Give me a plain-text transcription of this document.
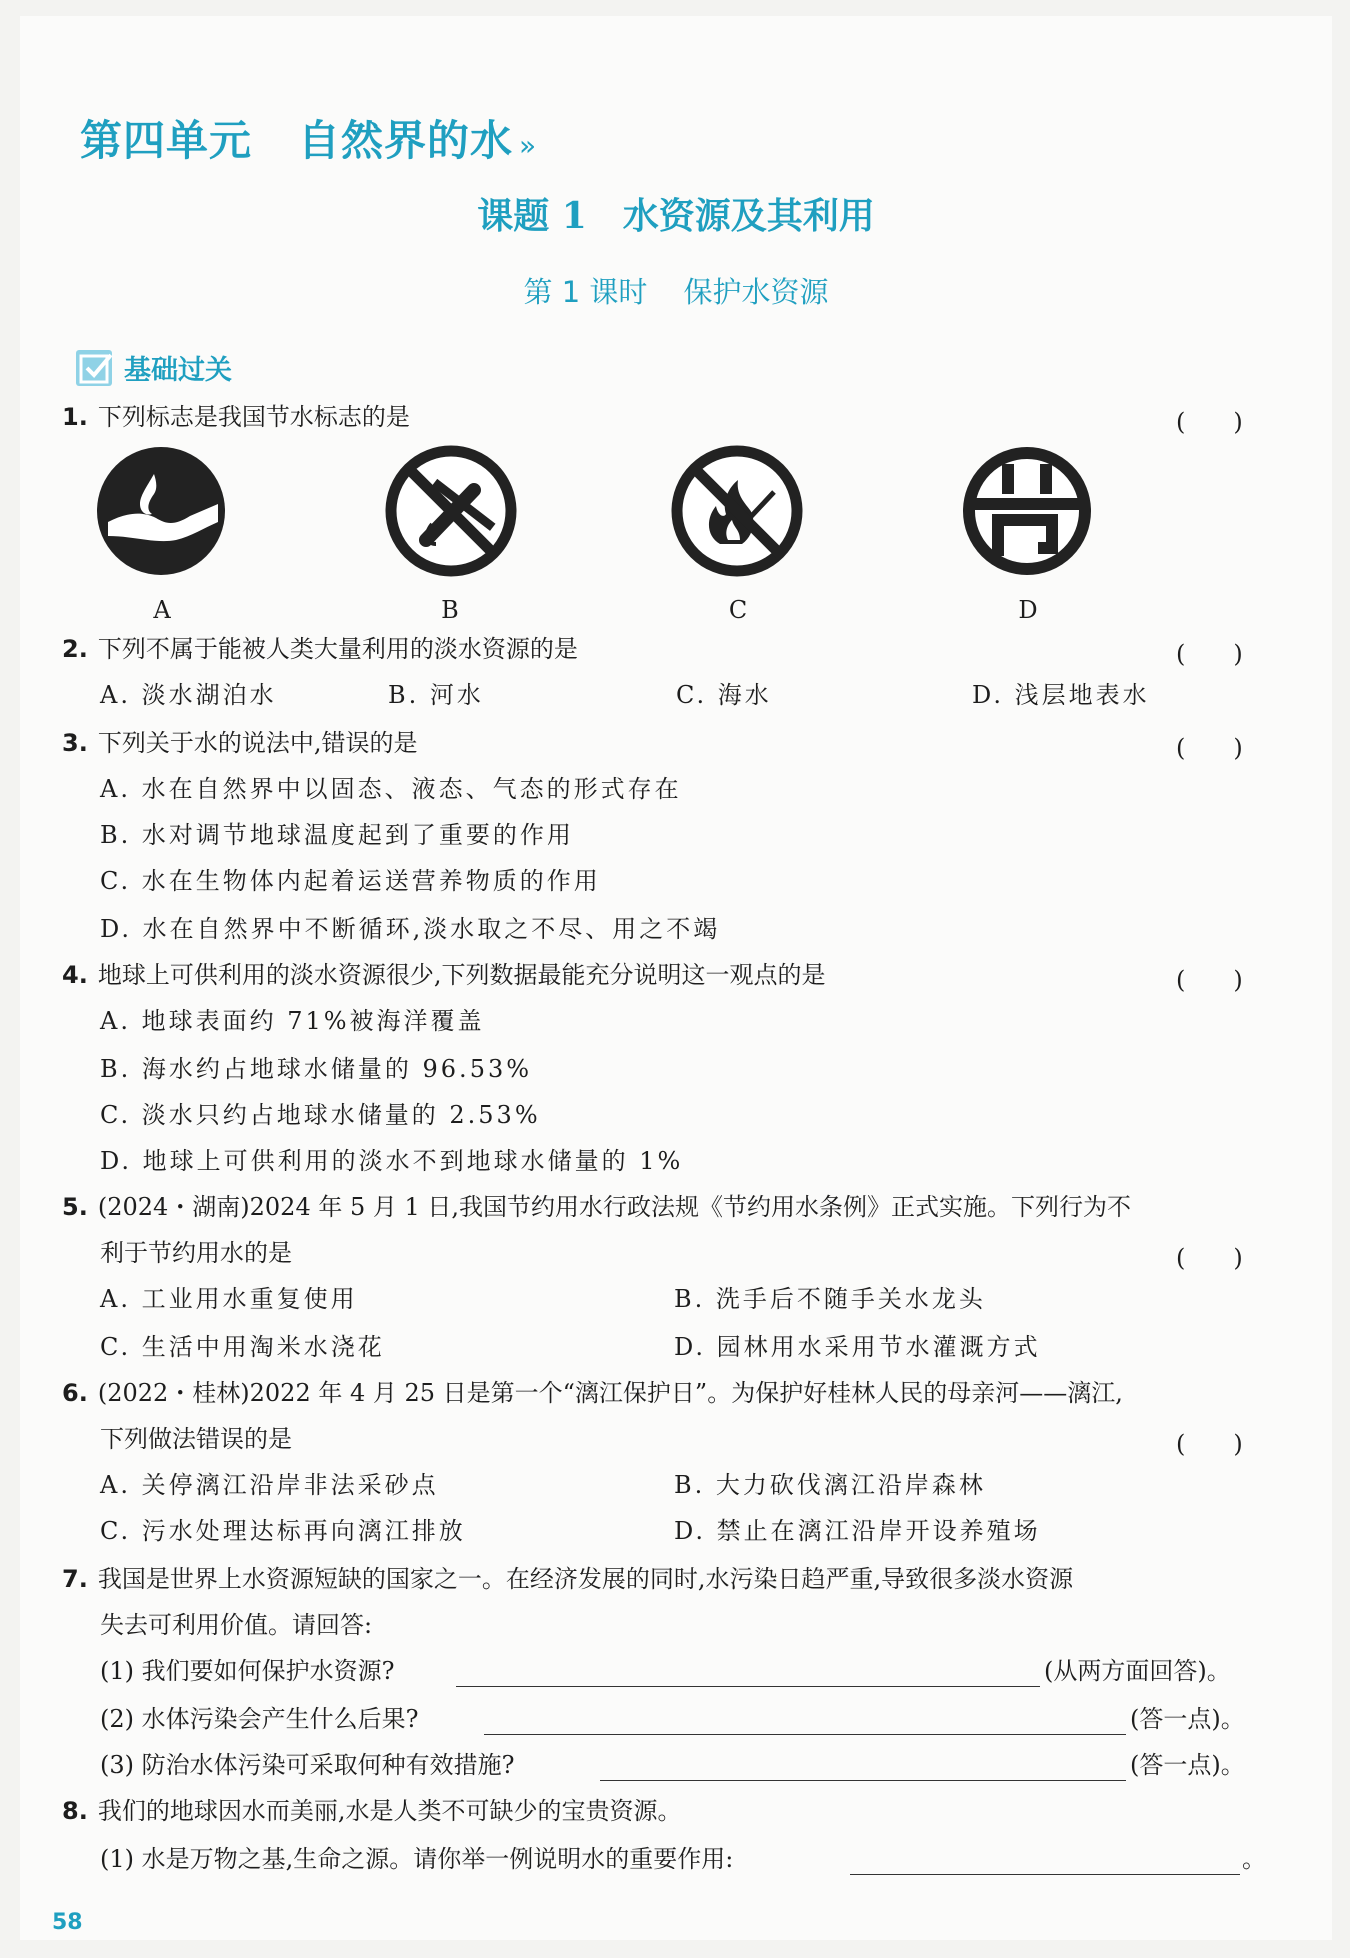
第四单元 自然界的水 »
课题 1 水资源及其利用
第 1 课时 保护水资源
基础过关
1. 下列标志是我国节水标志的是	(　　)
A	B	C	D
2. 下列不属于能被人类大量利用的淡水资源的是	(　　)
A. 淡水湖泊水	B. 河水	C. 海水	D. 浅层地表水
3. 下列关于水的说法中,错误的是	(　　)
A. 水在自然界中以固态、液态、气态的形式存在
B. 水对调节地球温度起到了重要的作用
C. 水在生物体内起着运送营养物质的作用
D. 水在自然界中不断循环,淡水取之不尽、用之不竭
4. 地球上可供利用的淡水资源很少,下列数据最能充分说明这一观点的是	(　　)
A. 地球表面约 71%被海洋覆盖
B. 海水约占地球水储量的 96.53%
C. 淡水只约占地球水储量的 2.53%
D. 地球上可供利用的淡水不到地球水储量的 1%
5. (2024・湖南)2024 年 5 月 1 日,我国节约用水行政法规《节约用水条例》正式实施。下列行为不
利于节约用水的是	(　　)
A. 工业用水重复使用	B. 洗手后不随手关水龙头
C. 生活中用淘米水浇花	D. 园林用水采用节水灌溉方式
6. (2022・桂林)2022 年 4 月 25 日是第一个“漓江保护日”。为保护好桂林人民的母亲河——漓江,
下列做法错误的是	(　　)
A. 关停漓江沿岸非法采砂点	B. 大力砍伐漓江沿岸森林
C. 污水处理达标再向漓江排放	D. 禁止在漓江沿岸开设养殖场
7. 我国是世界上水资源短缺的国家之一。在经济发展的同时,水污染日趋严重,导致很多淡水资源
失去可利用价值。请回答:
(1) 我们要如何保护水资源?	(从两方面回答)。
(2) 水体污染会产生什么后果?	(答一点)。
(3) 防治水体污染可采取何种有效措施?	(答一点)。
8. 我们的地球因水而美丽,水是人类不可缺少的宝贵资源。
(1) 水是万物之基,生命之源。请你举一例说明水的重要作用:	。
58
